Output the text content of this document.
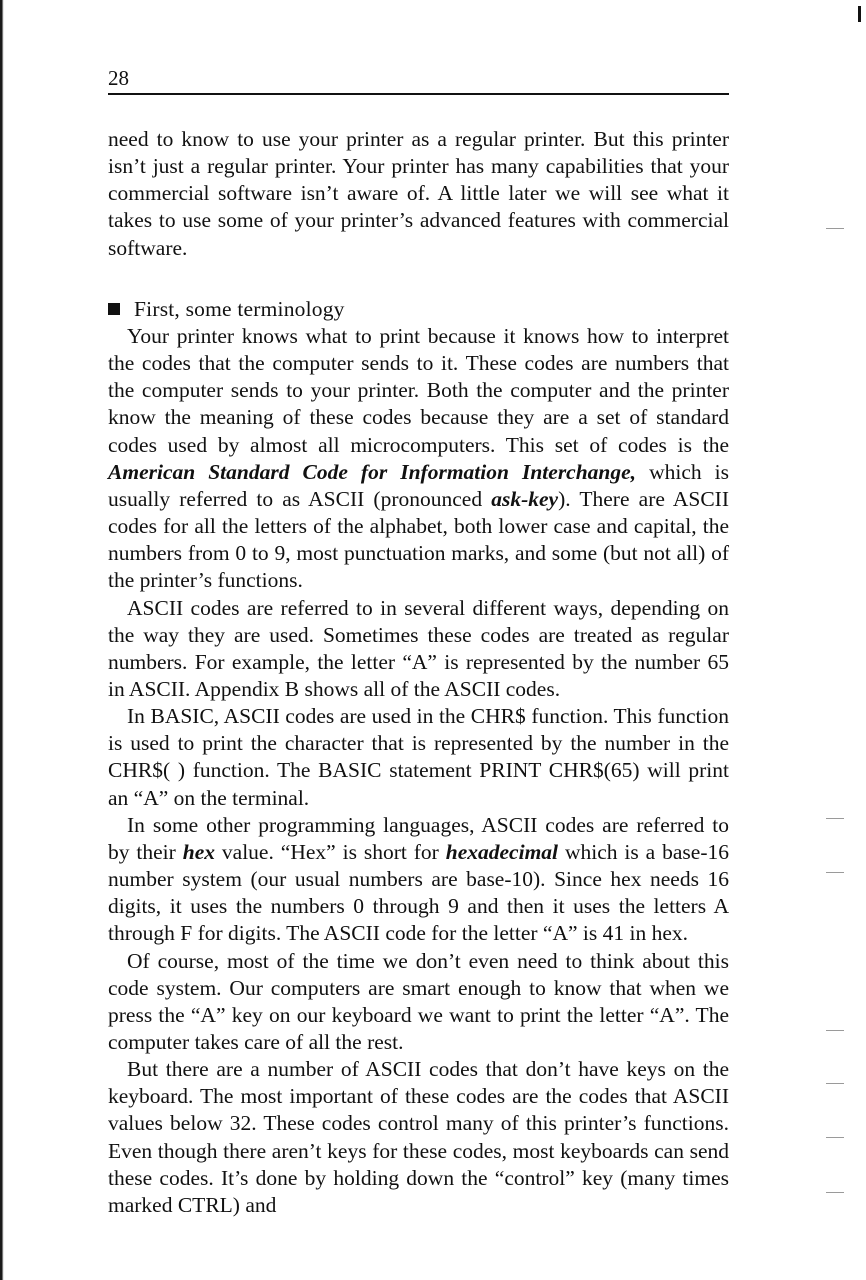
28

need to know to use your printer as a regular printer. But this printer isn’t just a regular printer. Your printer has many capabilities that your commercial software isn’t aware of. A little later we will see what it takes to use some of your printer’s advanced features with commercial software.

First, some terminology

Your printer knows what to print because it knows how to interpret the codes that the computer sends to it. These codes are numbers that the computer sends to your printer. Both the computer and the printer know the meaning of these codes because they are a set of standard codes used by almost all microcomputers. This set of codes is the American Standard Code for Information Interchange, which is usually referred to as ASCII (pronounced ask-key). There are ASCII codes for all the letters of the alphabet, both lower case and capital, the numbers from 0 to 9, most punctuation marks, and some (but not all) of the printer’s functions.

ASCII codes are referred to in several different ways, depending on the way they are used. Sometimes these codes are treated as regular numbers. For example, the letter “A” is represented by the number 65 in ASCII. Appendix B shows all of the ASCII codes.

In BASIC, ASCII codes are used in the CHR$ function. This function is used to print the character that is represented by the number in the CHR$( ) function. The BASIC statement PRINT CHR$(65) will print an “A” on the terminal.

In some other programming languages, ASCII codes are referred to by their hex value. “Hex” is short for hexadecimal which is a base-16 number system (our usual numbers are base-10). Since hex needs 16 digits, it uses the numbers 0 through 9 and then it uses the letters A through F for digits. The ASCII code for the letter “A” is 41 in hex.

Of course, most of the time we don’t even need to think about this code system. Our computers are smart enough to know that when we press the “A” key on our keyboard we want to print the letter “A”. The computer takes care of all the rest.

But there are a number of ASCII codes that don’t have keys on the keyboard. The most important of these codes are the codes that ASCII values below 32. These codes control many of this printer’s functions. Even though there aren’t keys for these codes, most keyboards can send these codes. It’s done by holding down the “control” key (many times marked CTRL) and
